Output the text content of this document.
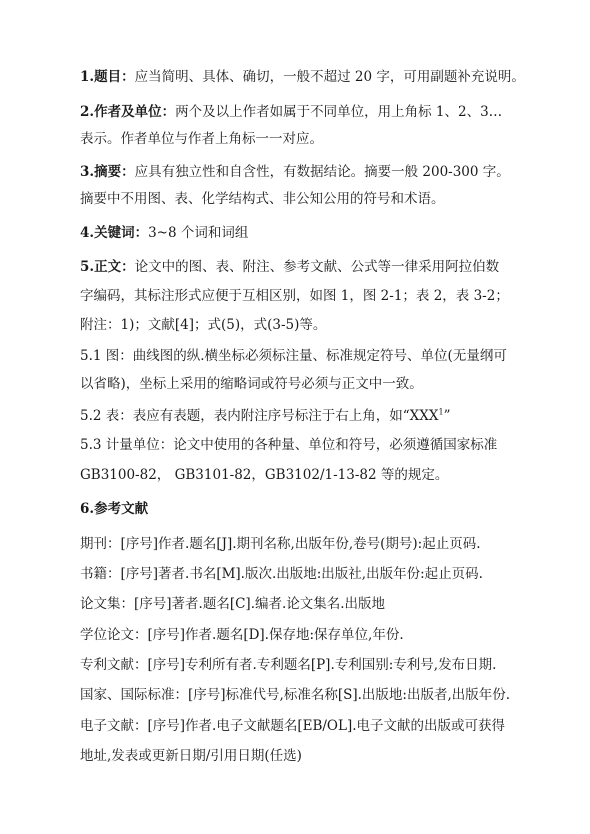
1.题目：应当简明、具体、确切，一般不超过 20 字，可用副题补充说明。
2.作者及单位：两个及以上作者如属于不同单位，用上角标 1、2、3…
表示。作者单位与作者上角标一一对应。
3.摘要：应具有独立性和自含性，有数据结论。摘要一般 200-300 字。
摘要中不用图、表、化学结构式、非公知公用的符号和术语。
4.关键词：3~8 个词和词组
5.正文：论文中的图、表、附注、参考文献、公式等一律采用阿拉伯数
字编码，其标注形式应便于互相区别，如图 1，图 2-1；表 2，表 3-2；
附注：1)；文献[4]；式(5)，式(3-5)等。
5.1 图：曲线图的纵.横坐标必须标注量、标准规定符号、单位(无量纲可
以省略)，坐标上采用的缩略词或符号必须与正文中一致。
5.2 表：表应有表题，表内附注序号标注于右上角，如“XXX$^1$”
5.3 计量单位：论文中使用的各种量、单位和符号，必须遵循国家标准
GB3100-82， GB3101-82，GB3102/1-13-82 等的规定。
6.参考文献
期刊：[序号]作者.题名[J].期刊名称,出版年份,卷号(期号):起止页码.
书籍：[序号]著者.书名[M].版次.出版地:出版社,出版年份:起止页码.
论文集：[序号]著者.题名[C].编者.论文集名.出版地
学位论文：[序号]作者.题名[D].保存地:保存单位,年份.
专利文献：[序号]专利所有者.专利题名[P].专利国别:专利号,发布日期.
国家、国际标准：[序号]标准代号,标准名称[S].出版地:出版者,出版年份.
电子文献：[序号]作者.电子文献题名[EB/OL].电子文献的出版或可获得
地址,发表或更新日期/引用日期(任选)
